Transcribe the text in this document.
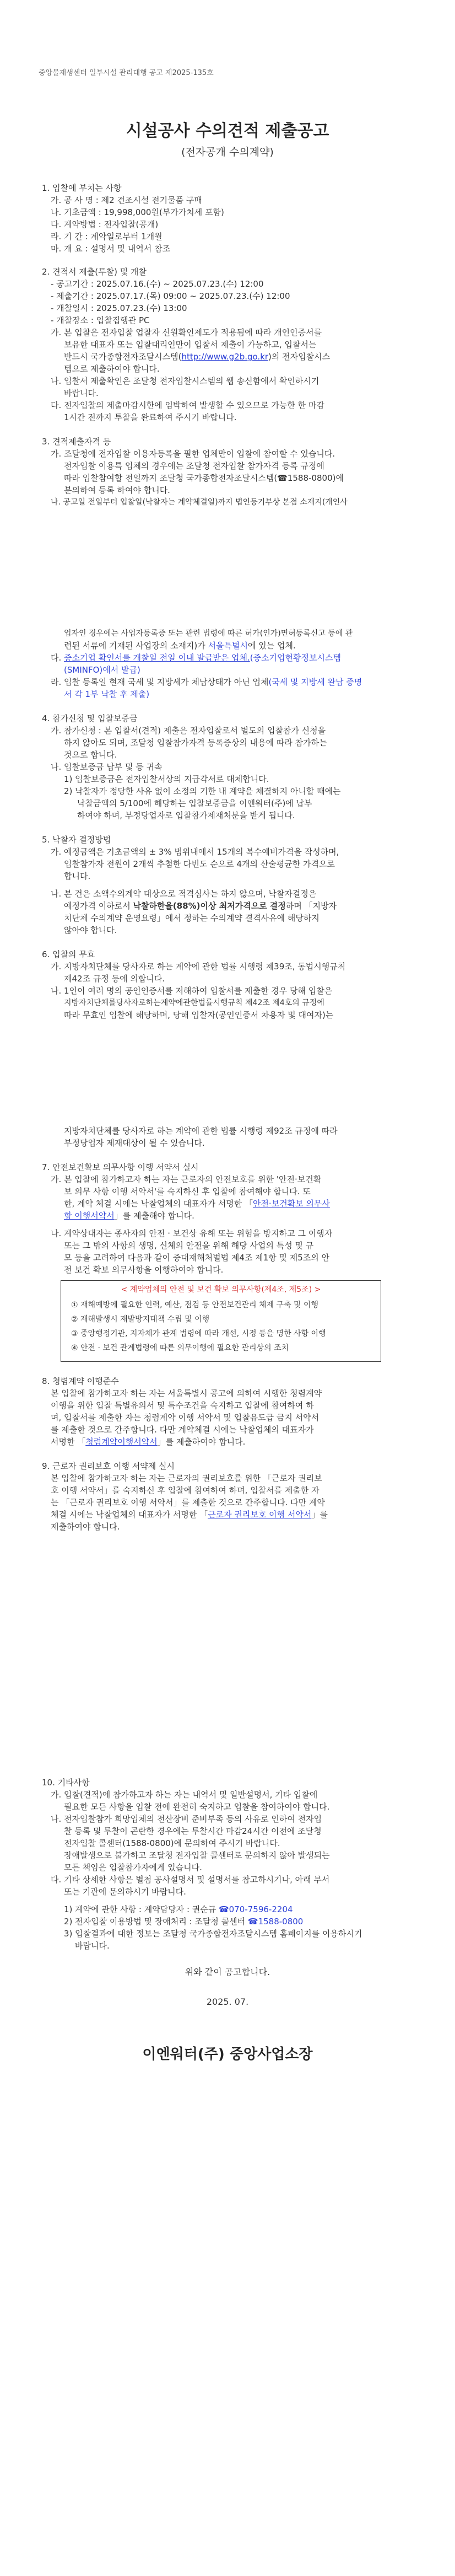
중앙물재생센터 일부시설 관리대행 공고 제2025-135호
시설공사 수의견적 제출공고
(전자공개 수의계약)
1. 입찰에 부치는 사항
가. 공 사 명 : 제2 건조시설 전기물품 구매
나. 기초금액 : 19,998,000원(부가가치세 포함)
다. 계약방법 : 전자입찰(공개)
라. 기 간 : 계약일로부터 1개월
마. 개 요 : 설명서 및 내역서 참조
2. 견적서 제출(투찰) 및 개찰
- 공고기간 : 2025.07.16.(수) ~ 2025.07.23.(수) 12:00
- 제출기간 : 2025.07.17.(목) 09:00 ~ 2025.07.23.(수) 12:00
- 개찰일시 : 2025.07.23.(수) 13:00
- 개찰장소 : 입찰집행관 PC
가. 본 입찰은 전자입찰 업찰자 신원확인제도가 적용됨에 따라 개인인증서를
보유한 대표자 또는 입찰대리인만이 입찰서 제출이 가능하고, 입찰서는
반드시 국가종합전자조달시스템(http://www.g2b.go.kr)의 전자입찰시스
템으로 제출하여야 합니다.
나. 입찰서 제출확인은 조달청 전자입찰시스템의 웹 송신함에서 확인하시기
바랍니다.
다. 전자입찰의 제출마감시한에 임박하여 발생할 수 있으므로 가능한 한 마감
1시간 전까지 투찰을 완료하여 주시기 바랍니다.
3. 견적제출자격 등
가. 조달청에 전자입찰 이용자등록을 필한 업체만이 입찰에 참여할 수 있습니다.
전자입찰 이용특 업체의 경우에는 조달청 전자입찰 참가자격 등록 규정에
따라 입찰참여할 전일까지 조달청 국가종합전자조달시스템(☎1588-0800)에
분의하여 등록 하여야 합니다.
나. 공고일 전일부터 입찰일(낙찰자는 계약체결일)까지 법인등기부상 본점 소재지(개인사
업자인 경우에는 사업자등록증 또는 관련 법령에 따른 허가(인가)면허등록신고 등에 관
련된 서류에 기재된 사업장의 소재지)가 서울특별시에 있는 업체.
다. 중소기업 확인서를 개찰일 전일 이내 발급받은 업체.(중소기업현황정보시스템
(SMINFO)에서 발급)
라. 입찰 등록일 현재 국세 및 지방세가 체납상태가 아닌 업체(국세 및 지방세 완납 증명
서 각 1부 낙찰 후 제출)
4. 참가신청 및 입찰보증금
가. 참가신청 : 본 입찰서(견적) 제출은 전자입찰로서 별도의 입찰참가 신청을
하지 않아도 되며, 조달청 입찰참가자격 등록증상의 내용에 따라 참가하는
것으로 합니다.
나. 입찰보증금 납부 및 등 귀속
1) 입찰보증금은 전자입찰서상의 지급각서로 대체합니다.
2) 낙찰자가 정당한 사유 없이 소정의 기한 내 계약을 체결하지 아니할 때에는
낙찰금액의 5/100에 해당하는 입찰보증금을 이엔워터(주)에 납부
하여야 하며, 부정당업자로 입찰참가제재처분을 받게 됩니다.
5. 낙찰자 결정방법
가. 예정금액은 기초금액의 ± 3% 범위내에서 15개의 복수예비가격을 작성하며,
입찰참가자 전원이 2개씩 추첨한 다빈도 순으로 4개의 산술평균한 가격으로
합니다.
나. 본 건은 소액수의계약 대상으로 적격심사는 하지 않으며, 낙찰자결정은
예정가격 이하로서 낙찰하한율(88%)이상 최저가격으로 결정하며 「지방자
치단체 수의계약 운영요령」에서 정하는 수의계약 결격사유에 해당하지
않아야 합니다.
6. 입찰의 무효
가. 지방자치단체를 당사자로 하는 계약에 관한 법률 시행령 제39조, 동법시행규칙
제42조 규정 등에 의합니다.
나. 1인이 여러 명의 공인인증서를 저해하여 입찰서를 제출한 경우 당해 입찰은
지방자치단체를당사자로하는계약에관한법률시행규칙 제42조 제4호의 규정에
따라 무효인 입찰에 해당하며, 당해 입찰자(공인인증서 차용자 및 대여자)는
지방자치단체를 당사자로 하는 계약에 관한 법률 시행령 제92조 규정에 따라
부정당업자 제재대상이 될 수 있습니다.
7. 안전보건확보 의무사항 이행 서약서 실시
가. 본 입찰에 참가하고자 하는 자는 근로자의 안전보호를 위한 '안전·보건확
보 의무 사항 이행 서약서'를 숙지하신 후 입찰에 참여해야 합니다. 또
한, 계약 체결 시에는 낙찰업체의 대표자가 서명한 「안전·보건확보 의무사
항 이행서약서」를 제출해야 합니다.
나. 계약상대자는 종사자의 안전 · 보건상 유해 또는 위험을 방지하고 그 이행자
또는 그 밖의 사항의 생명, 신체의 안전을 위해 해당 사업의 특성 및 규
모 등을 고려하여 다음과 같이 중대재해처벌법 제4조 제1항 및 제5조의 안
전 보건 확보 의무사항을 이행하여야 합니다.
< 계약업체의 안전 및 보건 확보 의무사항(제4조, 제5조) >
① 재해예방에 필요한 인력, 예산, 점검 등 안전보건관리 체제 구축 및 이행
② 재해발생시 재발방지대책 수립 및 이행
③ 중앙행정기관, 지자체가 관계 법령에 따라 개선, 시정 등을 명한 사항 이행
④ 안전 · 보건 관계법령에 따른 의무이행에 필요한 관리상의 조치
8. 청렴계약 이행준수
본 입찰에 참가하고자 하는 자는 서울특별시 공고에 의하여 시행한 청렴계약
이행을 위한 입찰 특별유의서 및 특수조건을 숙지하고 입찰에 참여하여 하
며, 입찰서를 제출한 자는 청렴계약 이행 서약서 및 입찰유도급 금지 서약서
를 제출한 것으로 간주합니다. 다만 계약체결 시에는 낙찰업체의 대표자가
서명한 「청렴계약이행서약서」를 제출하여야 합니다.
9. 근로자 권리보호 이행 서약제 실시
본 입찰에 참가하고자 하는 자는 근로자의 권리보호를 위한 「근로자 권리보
호 이행 서약서」를 숙지하신 후 입찰에 참여하여 하며, 입찰서를 제출한 자
는 「근로자 권리보호 이행 서약서」를 제출한 것으로 간주합니다. 다만 계약
체결 시에는 낙찰업체의 대표자가 서명한 「근로자 권리보호 이행 서약서」를
제출하여야 합니다.
10. 기타사항
가. 입찰(견적)에 참가하고자 하는 자는 내역서 및 일반설명서, 기타 입찰에
필요한 모든 사항을 입찰 전에 완전히 숙지하고 입찰을 참여하여야 합니다.
나. 전자입찰참가 희망업체의 전산장비 준비부족 등의 사유로 인하여 전자입
찰 등록 및 투찰이 곤란한 경우에는 투찰시간 마감24시간 이전에 조달청
전자입찰 콜센터(1588-0800)에 문의하여 주시기 바랍니다.
장애발생으로 불가하고 조달청 전자입찰 콜센터로 문의하지 않아 발생되는
모든 책임은 입찰참가자에게 있습니다.
다. 기타 상세한 사항은 별첨 공사설명서 및 설명서를 참고하시기나, 아래 부서
또는 기관에 문의하시기 바랍니다.
1) 계약에 관한 사항 : 계약담당자 : 권순규 ☎070-7596-2204
2) 전자입찰 이용방법 및 장애처리 : 조달청 콜센터 ☎1588-0800
3) 입찰결과에 대한 정보는 조달청 국가종합전자조달시스템 홈페이지를 이용하시기
바랍니다.
위와 같이 공고합니다.
2025. 07.
이엔워터(주) 중앙사업소장
